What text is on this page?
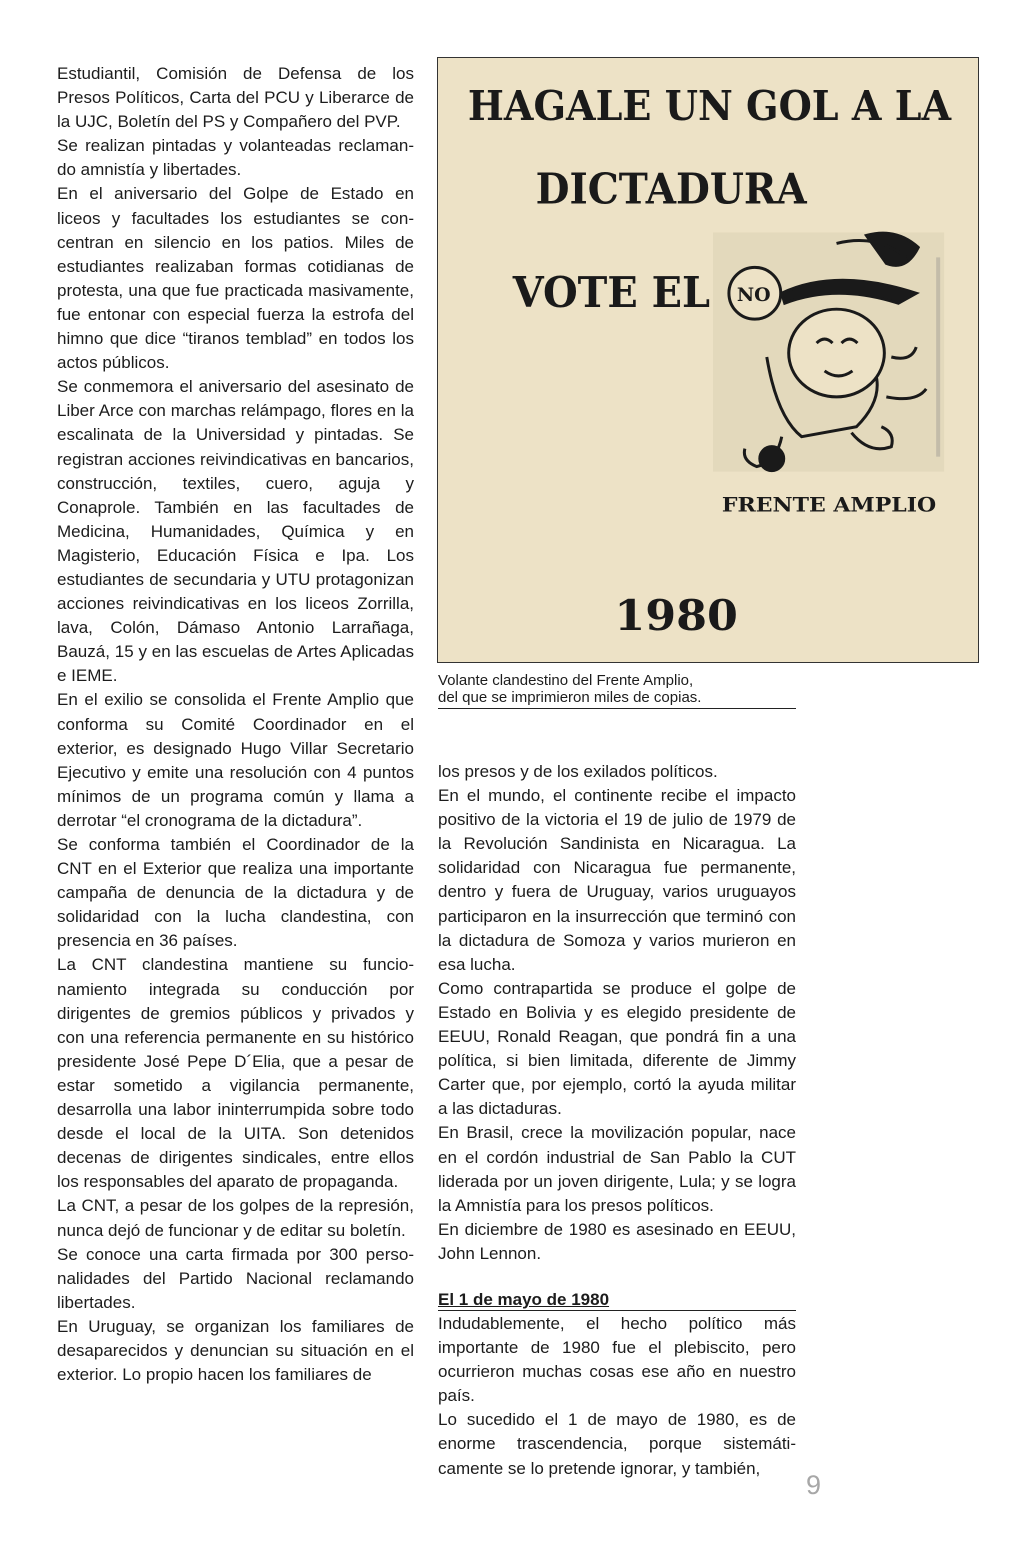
Estudiantil, Comisión de Defensa de los Presos Políticos, Carta del PCU y Liberarce de la UJC, Boletín del PS y Compañero del PVP.

Se realizan pintadas y volanteadas reclamando amnistía y libertades.

En el aniversario del Golpe de Estado en liceos y facultades los estudiantes se concentran en silencio en los patios. Miles de estudiantes realizaban formas cotidianas de protesta, una que fue practicada masivamente, fue entonar con especial fuerza la estrofa del himno que dice “tiranos temblad” en todos los actos públicos.

Se conmemora el aniversario del asesinato de Liber Arce con marchas relámpago, flores en la escalinata de la Universidad y pintadas. Se registran acciones reivindicativas en bancarios, construcción, textiles, cuero, aguja y Conaprole. También en las facultades de Medicina, Humanidades, Química y en Magisterio, Educación Física e Ipa. Los estudiantes de secundaria y UTU protagonizan acciones reivindicativas en los liceos Zorrilla, lava, Colón, Dámaso Antonio Larrañaga, Bauzá, 15 y en las escuelas de Artes Aplicadas e IEME.

En el exilio se consolida el Frente Amplio que conforma su Comité Coordinador en el exterior, es designado Hugo Villar Secretario Ejecutivo y emite una resolución con 4 puntos mínimos de un programa común y llama a derrotar “el cronograma de la dictadura”.

Se conforma también el Coordinador de la CNT en el Exterior que realiza una importante campaña de denuncia de la dictadura y de solidaridad con la lucha clandestina, con presencia en 36 países.

La CNT clandestina mantiene su funcionamiento integrada su conducción por dirigentes de gremios públicos y privados y con una referencia permanente en su histórico presidente José Pepe D´Elia, que a pesar de estar sometido a vigilancia permanente, desarrolla una labor ininterrumpida sobre todo desde el local de la UITA. Son detenidos decenas de dirigentes sindicales, entre ellos los responsables del aparato de propaganda.

La CNT, a pesar de los golpes de la represión, nunca dejó de funcionar y de editar su boletín.

Se conoce una carta firmada por 300 personalidades del Partido Nacional reclamando libertades.

En Uruguay, se organizan los familiares de desaparecidos y denuncian su situación en el exterior. Lo propio hacen los familiares de

HAGALE UN GOL A LA
DICTADURA
VOTE EL
FRENTE AMPLIO
1980
NO
Volante clandestino del Frente Amplio,
del que se imprimieron miles de copias.

los presos y de los exilados políticos.

En el mundo, el continente recibe el impacto positivo de la victoria el 19 de julio de 1979 de la Revolución Sandinista en Nicaragua. La solidaridad con Nicaragua fue permanente, dentro y fuera de Uruguay, varios uruguayos participaron en la insurrección que terminó con la dictadura de Somoza y varios murieron en esa lucha.

Como contrapartida se produce el golpe de Estado en Bolivia y es elegido presidente de EEUU, Ronald Reagan, que pondrá fin a una política, si bien limitada, diferente de Jimmy Carter que, por ejemplo, cortó la ayuda militar a las dictaduras.

En Brasil, crece la movilización popular, nace en el cordón industrial de San Pablo la CUT liderada por un joven dirigente, Lula; y se logra la Amnistía para los presos políticos.

En diciembre de 1980 es asesinado en EEUU, John Lennon.

El 1 de mayo de 1980

Indudablemente, el hecho político más importante de 1980 fue el plebiscito, pero ocurrieron muchas cosas ese año en nuestro país.

Lo sucedido el 1 de mayo de 1980, es de enorme trascendencia, porque sistemáticamente se lo pretende ignorar, y también,

9
